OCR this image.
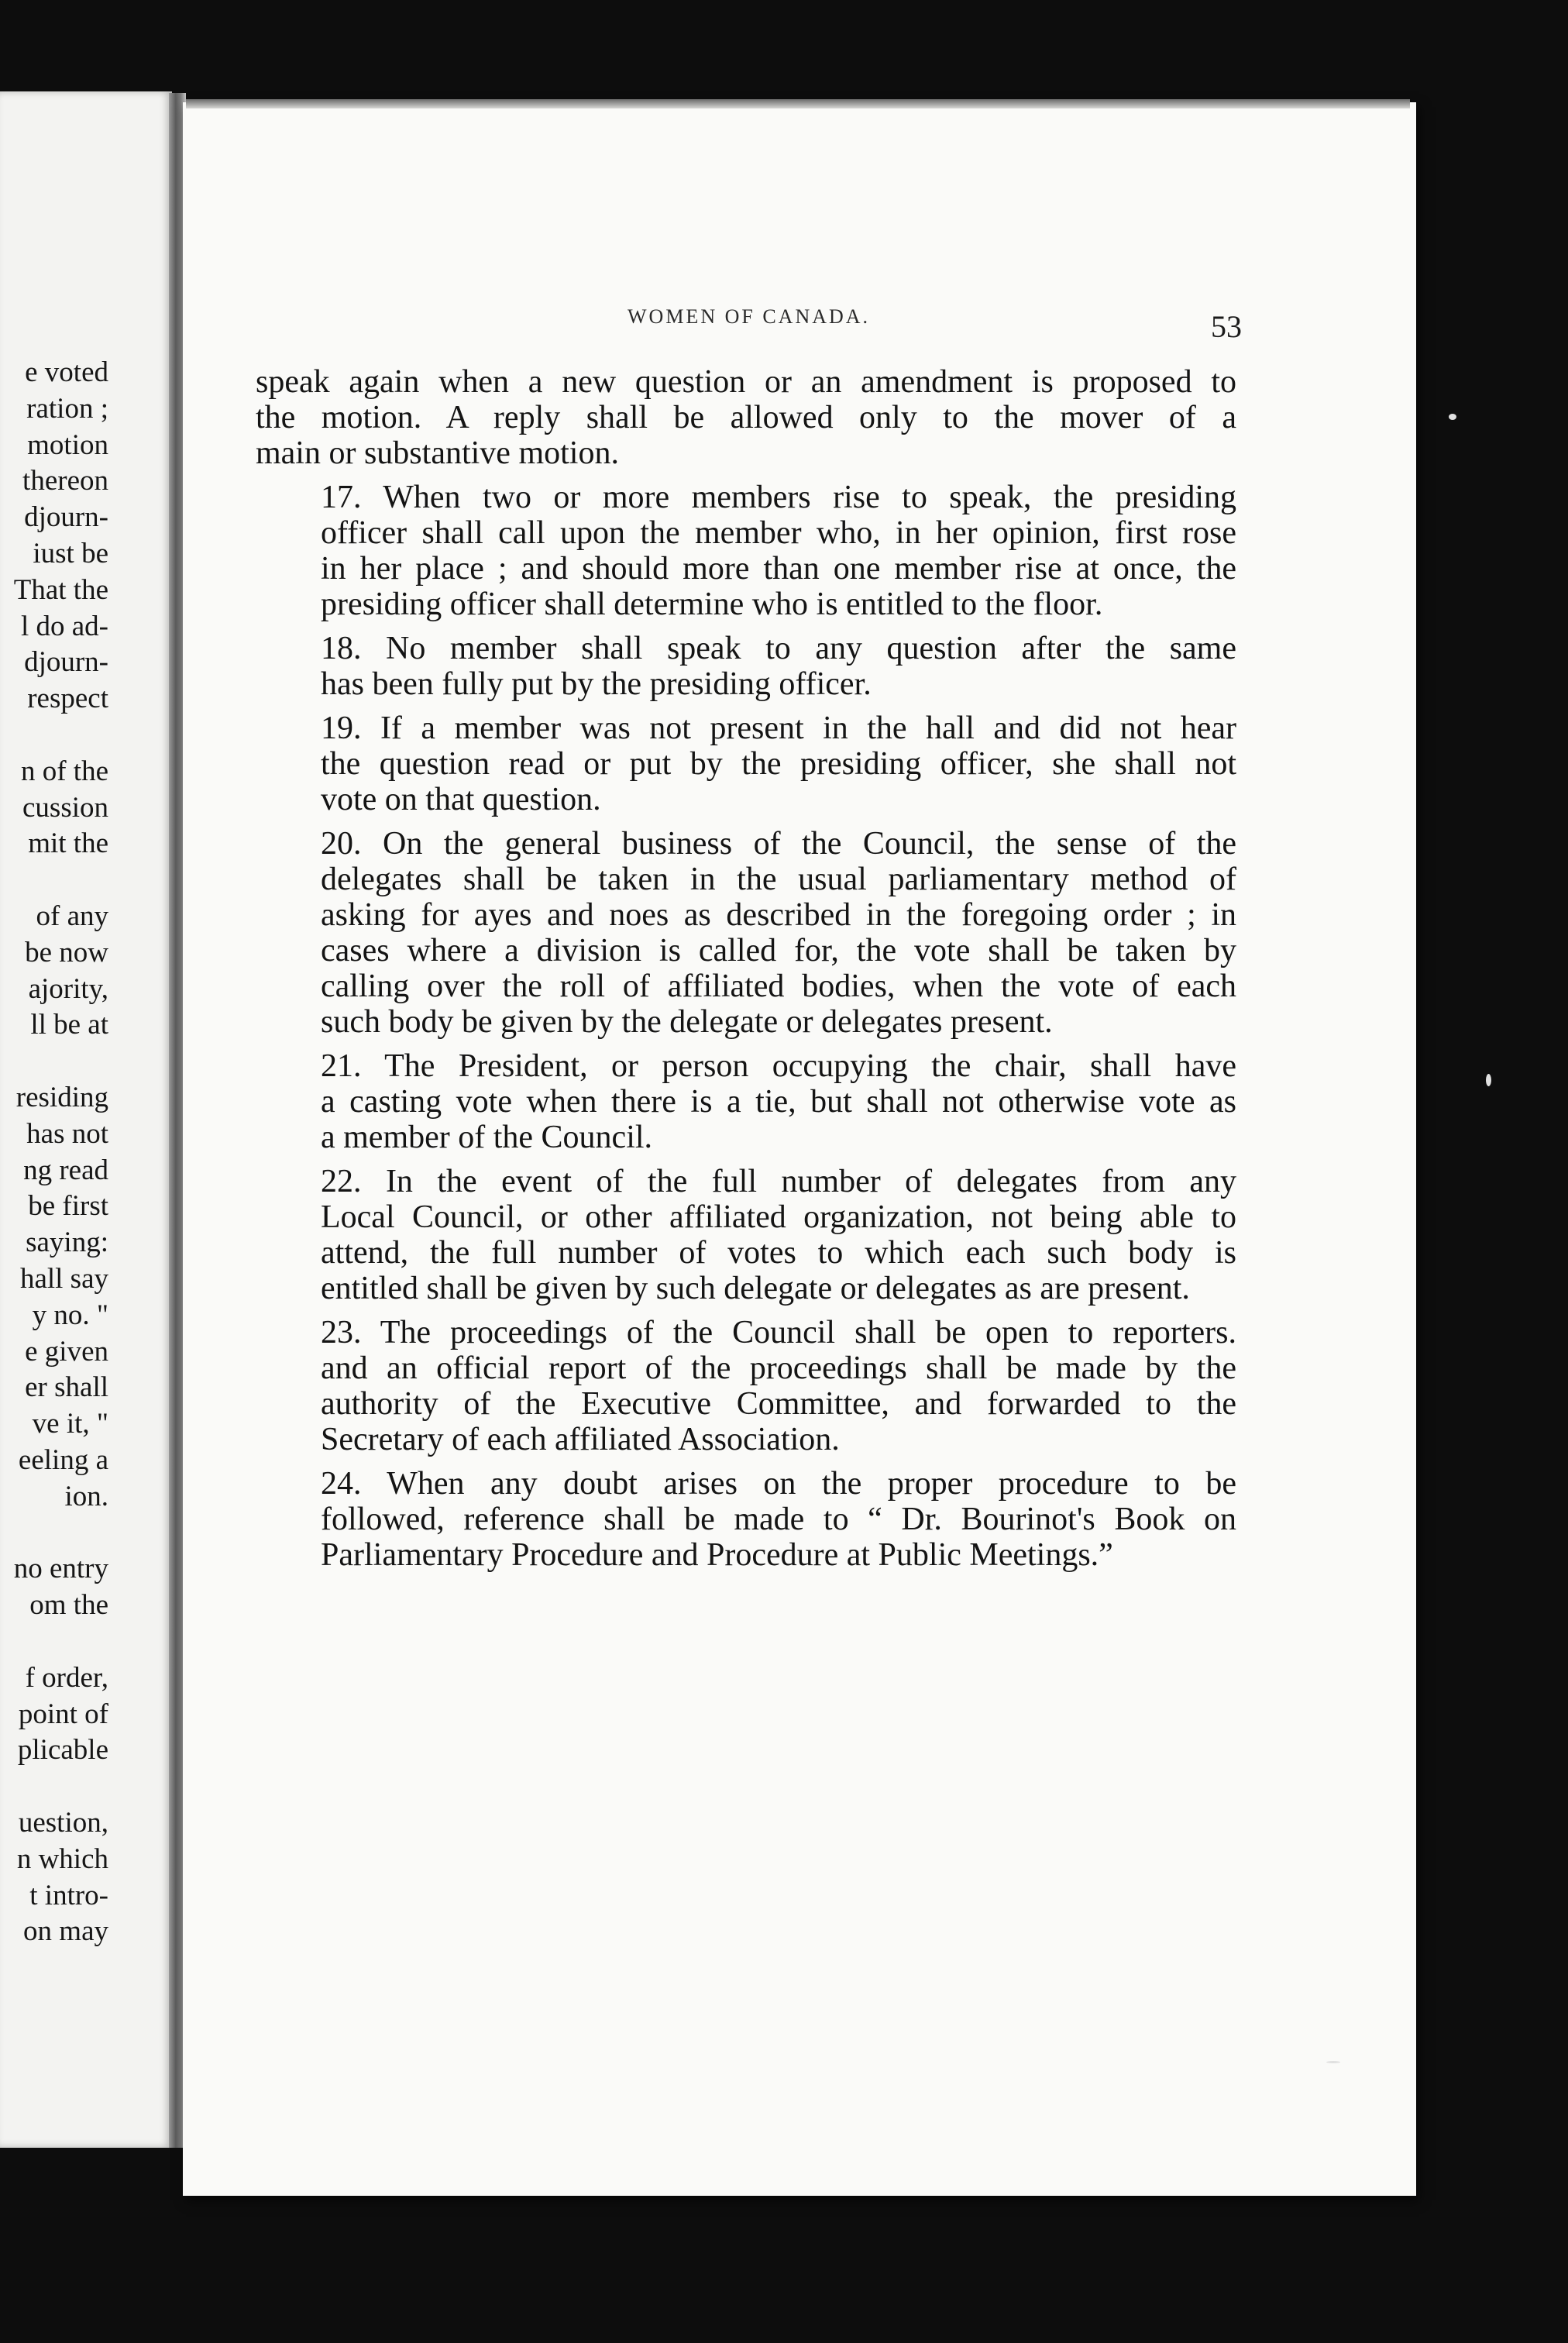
e voted
ration ;
motion
thereon
djourn-
iust be
That the
l do ad-
djourn-
respect
n of the
cussion
mit the
of any
be now
ajority,
ll be at
residing
has not
ng read
be first
saying:
hall say
y no. "
e given
er shall
ve it, "
eeling a
ion.
no entry
om the
f order,
point of
plicable
uestion,
n which
t intro-
on may
WOMEN OF CANADA.	53

speak again when a new question or an amendment is proposed to
the motion. A reply shall be allowed only to the mover of a
main or substantive motion.

17. When two or more members rise to speak, the presiding
officer shall call upon the member who, in her opinion, first rose
in her place ; and should more than one member rise at once, the
presiding officer shall determine who is entitled to the floor.

18. No member shall speak to any question after the same
has been fully put by the presiding officer.

19. If a member was not present in the hall and did not hear
the question read or put by the presiding officer, she shall not
vote on that question.

20. On the general business of the Council, the sense of the
delegates shall be taken in the usual parliamentary method of
asking for ayes and noes as described in the foregoing order ; in
cases where a division is called for, the vote shall be taken by
calling over the roll of affiliated bodies, when the vote of each
such body be given by the delegate or delegates present.

21. The President, or person occupying the chair, shall have
a casting vote when there is a tie, but shall not otherwise vote as
a member of the Council.

22. In the event of the full number of delegates from any
Local Council, or other affiliated organization, not being able to
attend, the full number of votes to which each such body is
entitled shall be given by such delegate or delegates as are present.

23. The proceedings of the Council shall be open to reporters.
and an official report of the proceedings shall be made by the
authority of the Executive Committee, and forwarded to the
Secretary of each affiliated Association.

24. When any doubt arises on the proper procedure to be
followed, reference shall be made to “ Dr. Bourinot's Book on
Parliamentary Procedure and Procedure at Public Meetings.”
